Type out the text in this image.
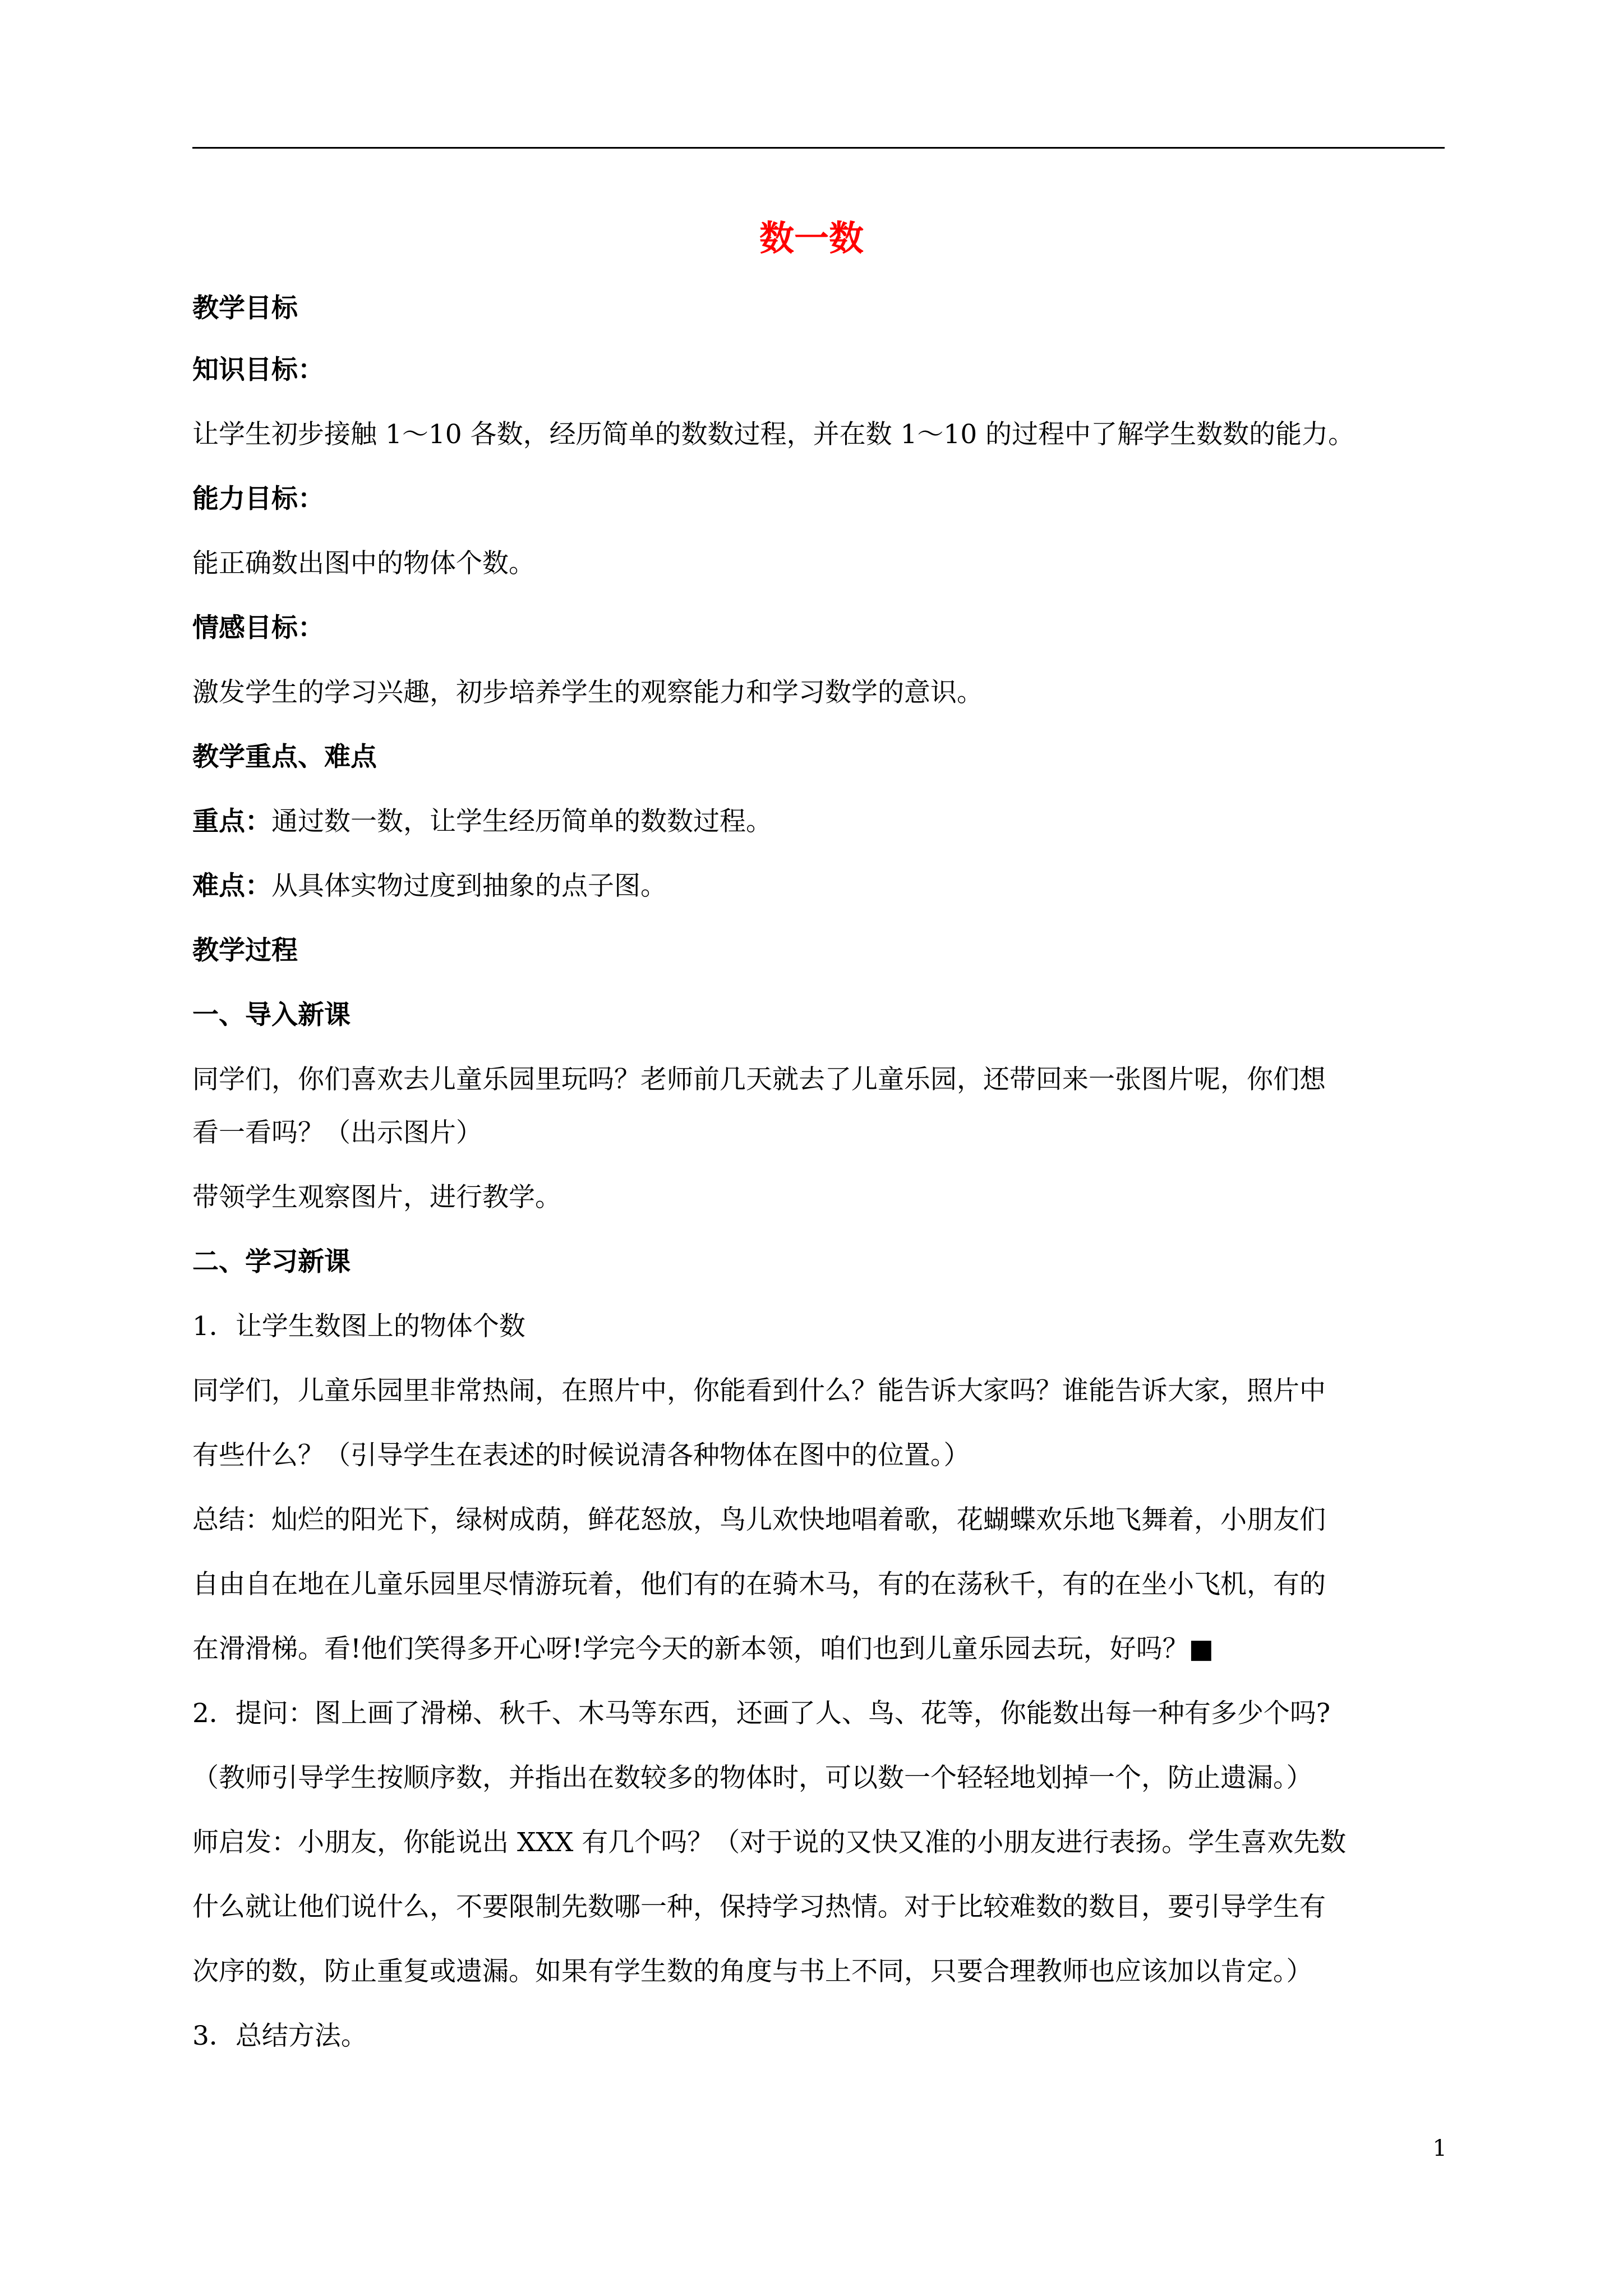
数一数
教学目标
知识目标：
让学生初步接触 1～10 各数，经历简单的数数过程，并在数 1～10 的过程中了解学生数数的能力。
能力目标：
能正确数出图中的物体个数。
情感目标：
激发学生的学习兴趣，初步培养学生的观察能力和学习数学的意识。
教学重点、难点
重点：通过数一数，让学生经历简单的数数过程。
难点：从具体实物过度到抽象的点子图。
教学过程
一、导入新课
同学们，你们喜欢去儿童乐园里玩吗？老师前几天就去了儿童乐园，还带回来一张图片呢，你们想
看一看吗？（出示图片）
带领学生观察图片，进行教学。
二、学习新课
1．让学生数图上的物体个数
同学们，儿童乐园里非常热闹，在照片中，你能看到什么？能告诉大家吗？谁能告诉大家，照片中
有些什么？（引导学生在表述的时候说清各种物体在图中的位置。）
总结：灿烂的阳光下，绿树成荫，鲜花怒放，鸟儿欢快地唱着歌，花蝴蝶欢乐地飞舞着，小朋友们
自由自在地在儿童乐园里尽情游玩着，他们有的在骑木马，有的在荡秋千，有的在坐小飞机，有的
在滑滑梯。看!他们笑得多开心呀!学完今天的新本领，咱们也到儿童乐园去玩，好吗？■
2．提问：图上画了滑梯、秋千、木马等东西，还画了人、鸟、花等，你能数出每一种有多少个吗?
（教师引导学生按顺序数，并指出在数较多的物体时，可以数一个轻轻地划掉一个，防止遗漏。）
师启发：小朋友，你能说出 XXX 有几个吗？（对于说的又快又准的小朋友进行表扬。学生喜欢先数
什么就让他们说什么，不要限制先数哪一种，保持学习热情。对于比较难数的数目，要引导学生有
次序的数，防止重复或遗漏。如果有学生数的角度与书上不同，只要合理教师也应该加以肯定。）
3．总结方法。
1
